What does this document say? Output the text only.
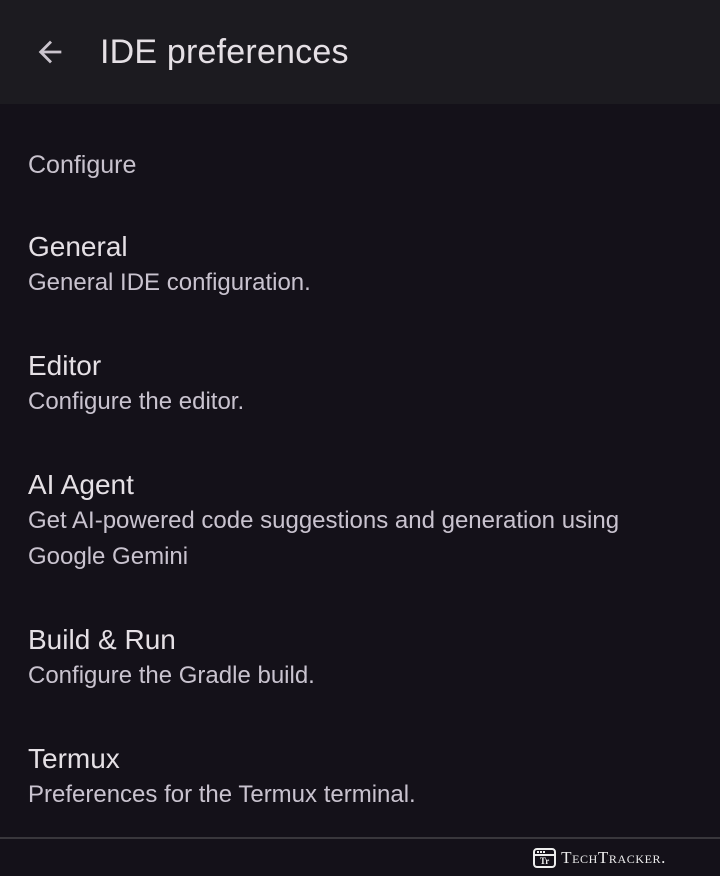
IDE preferences
Configure
General
General IDE configuration.
Editor
Configure the editor.
AI Agent
Get AI-powered code suggestions and generation using Google Gemini
Build & Run
Configure the Gradle build.
Termux
Preferences for the Termux terminal.
Tr TechTracker.
